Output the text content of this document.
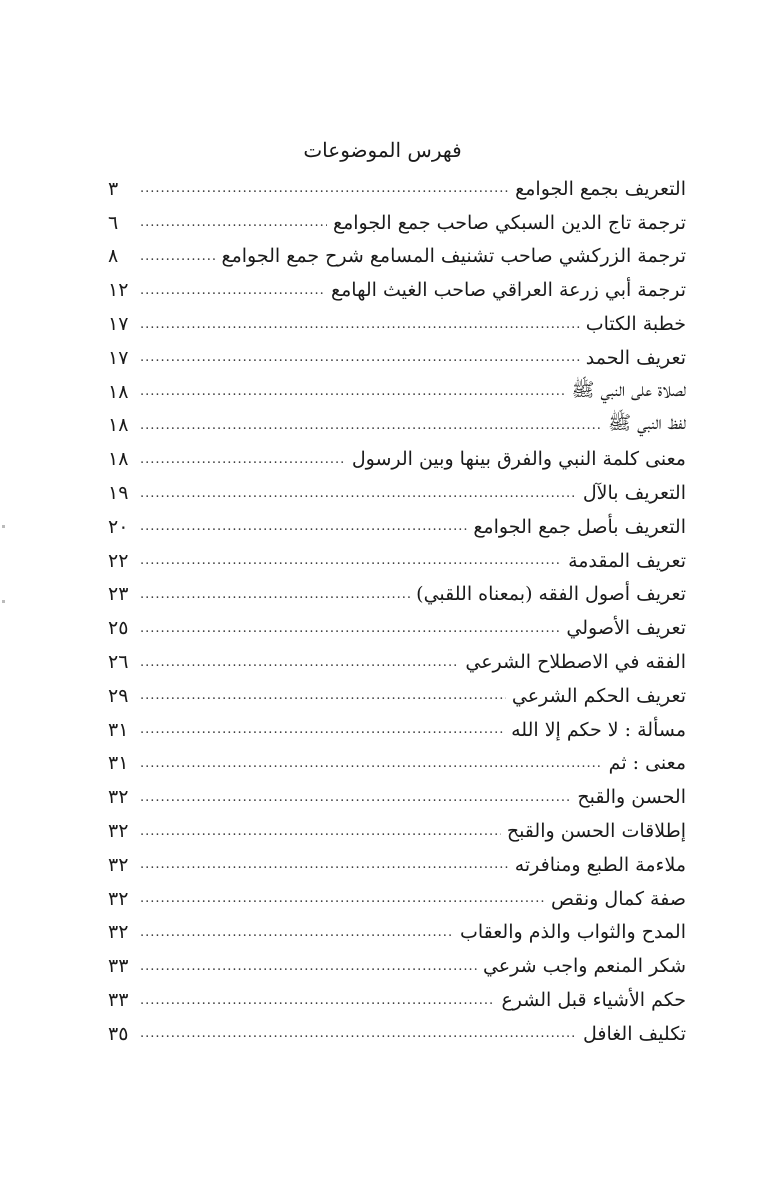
فهرس الموضوعات
التعريف بجمع الجوامع
.....
٣
ترجمة تاج الدين السبكي صاحب جمع الجوامع
.....
٦
ترجمة الزركشي صاحب تشنيف المسامع شرح جمع الجوامع
.....
٨
ترجمة أبي زرعة العراقي صاحب الغيث الهامع
.....
١٢
خطبة الكتاب
.....
١٧
تعريف الحمد
.....
١٧
لصلاة على النبي ﷺ
.....
١٨
لفظ النبي ﷺ
.....
١٨
معنى كلمة النبي والفرق بينها وبين الرسول
.....
١٨
التعريف بالآل
.....
١٩
التعريف بأصل جمع الجوامع
.....
٢٠
تعريف المقدمة
.....
٢٢
تعريف أصول الفقه (بمعناه اللقبي)
.....
٢٣
تعريف الأصولي
.....
٢٥
الفقه في الاصطلاح الشرعي
.....
٢٦
تعريف الحكم الشرعي
.....
٢٩
مسألة : لا حكم إلا الله
.....
٣١
معنى : ثم
.....
٣١
الحسن والقبح
.....
٣٢
إطلاقات الحسن والقبح
.....
٣٢
ملاءمة الطبع ومنافرته
.....
٣٢
صفة كمال ونقص
.....
٣٢
المدح والثواب والذم والعقاب
.....
٣٢
شكر المنعم واجب شرعي
.....
٣٣
حكم الأشياء قبل الشرع
.....
٣٣
تكليف الغافل
.....
٣٥
